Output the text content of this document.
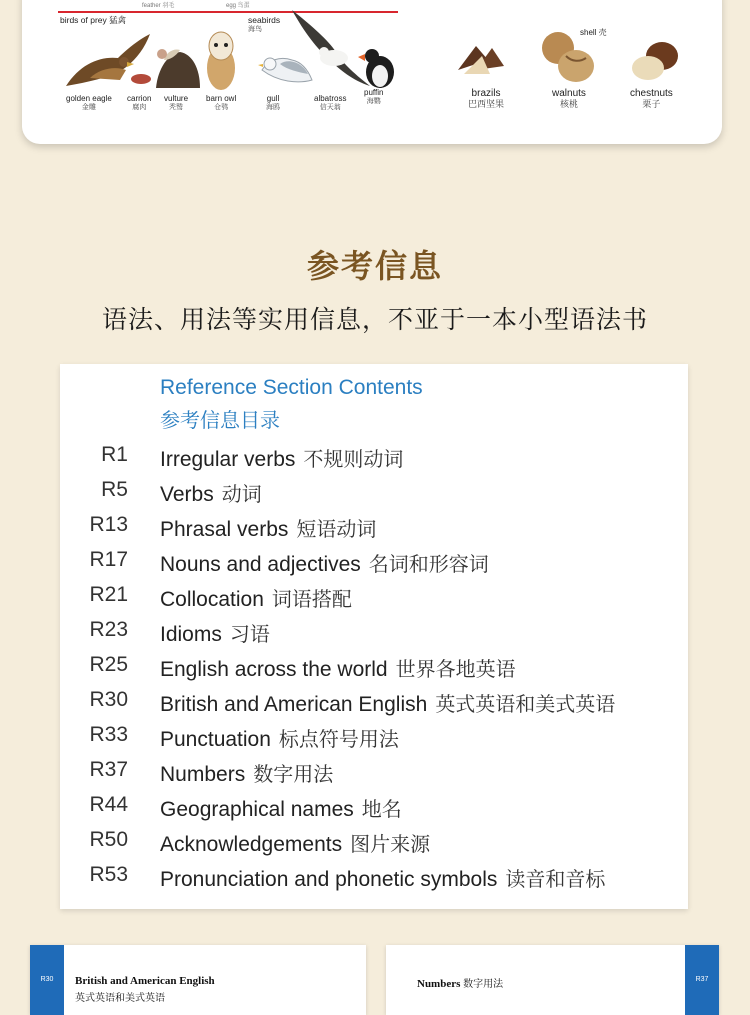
feather 羽毛	egg 鸟蛋
birds of prey 猛禽	seabirds
海鸟
golden eagle
金雕
carrion
腐肉
vulture
秃鹫
barn owl
仓鸮
gull
海鸥
albatross
信天翁
puffin
海鹦
brazils
巴西坚果
shell 壳
walnuts
核桃
chestnuts
栗子
参考信息
语法、用法等实用信息，不亚于一本小型语法书
Reference Section Contents
参考信息目录
R1 Irregular verbs 不规则动词
R5 Verbs 动词
R13 Phrasal verbs 短语动词
R17 Nouns and adjectives 名词和形容词
R21 Collocation 词语搭配
R23 Idioms 习语
R25 English across the world 世界各地英语
R30 British and American English 英式英语和美式英语
R33 Punctuation 标点符号用法
R37 Numbers 数字用法
R44 Geographical names 地名
R50 Acknowledgements 图片来源
R53 Pronunciation and phonetic symbols 读音和音标
R30	British and American English
英式英语和美式英语
R37
Numbers 数字用法
